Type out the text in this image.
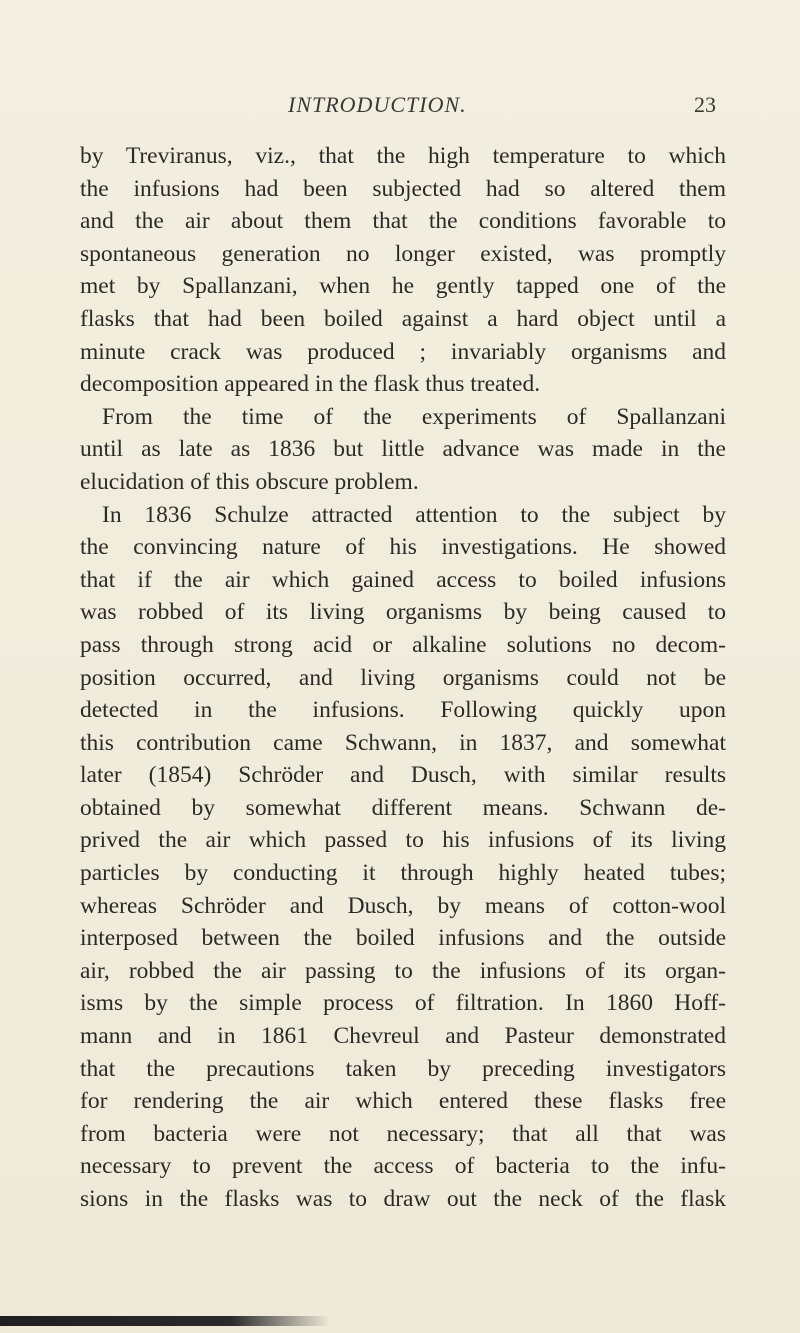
INTRODUCTION.	23
by Treviranus, viz., that the high temperature to which
the infusions had been subjected had so altered them
and the air about them that the conditions favorable to
spontaneous generation no longer existed, was promptly
met by Spallanzani, when he gently tapped one of the
flasks that had been boiled against a hard object until a
minute crack was produced ; invariably organisms and
decomposition appeared in the flask thus treated.
From the time of the experiments of Spallanzani
until as late as 1836 but little advance was made in the
elucidation of this obscure problem.
In 1836 Schulze attracted attention to the subject by
the convincing nature of his investigations. He showed
that if the air which gained access to boiled infusions
was robbed of its living organisms by being caused to
pass through strong acid or alkaline solutions no decom-
position occurred, and living organisms could not be
detected in the infusions. Following quickly upon
this contribution came Schwann, in 1837, and somewhat
later (1854) Schröder and Dusch, with similar results
obtained by somewhat different means. Schwann de-
prived the air which passed to his infusions of its living
particles by conducting it through highly heated tubes;
whereas Schröder and Dusch, by means of cotton-wool
interposed between the boiled infusions and the outside
air, robbed the air passing to the infusions of its organ-
isms by the simple process of filtration. In 1860 Hoff-
mann and in 1861 Chevreul and Pasteur demonstrated
that the precautions taken by preceding investigators
for rendering the air which entered these flasks free
from bacteria were not necessary; that all that was
necessary to prevent the access of bacteria to the infu-
sions in the flasks was to draw out the neck of the flask
